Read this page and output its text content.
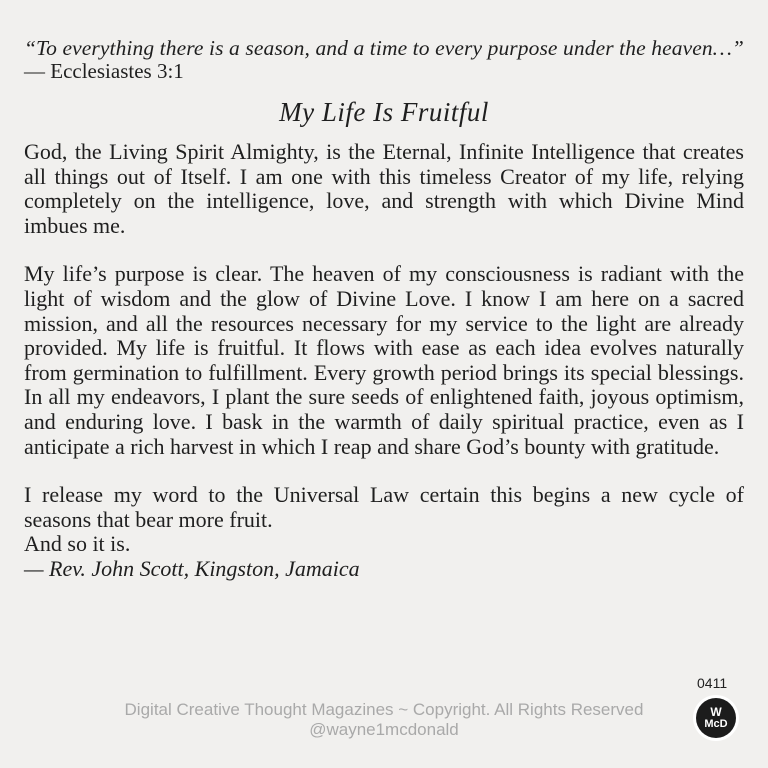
“To everything there is a season, and a time to every purpose under the heaven…”

— Ecclesiastes 3:1

My Life Is Fruitful

God, the Living Spirit Almighty, is the Eternal, Infinite Intelligence that creates all things out of Itself. I am one with this timeless Creator of my life, relying completely on the intelligence, love, and strength with which Divine Mind imbues me.

My life’s purpose is clear. The heaven of my consciousness is radiant with the light of wisdom and the glow of Divine Love. I know I am here on a sacred mission, and all the resources necessary for my service to the light are already provided. My life is fruitful. It flows with ease as each idea evolves naturally from germination to fulfillment. Every growth period brings its special blessings. In all my endeavors, I plant the sure seeds of enlightened faith, joyous optimism, and enduring love. I bask in the warmth of daily spiritual practice, even as I anticipate a rich harvest in which I reap and share God’s bounty with gratitude.

I release my word to the Universal Law certain this begins a new cycle of seasons that bear more fruit.

And so it is.

— Rev. John Scott, Kingston, Jamaica

0411
Digital Creative Thought Magazines ~ Copyright. All Rights Reserved
@wayne1mcdonald
W
McD
